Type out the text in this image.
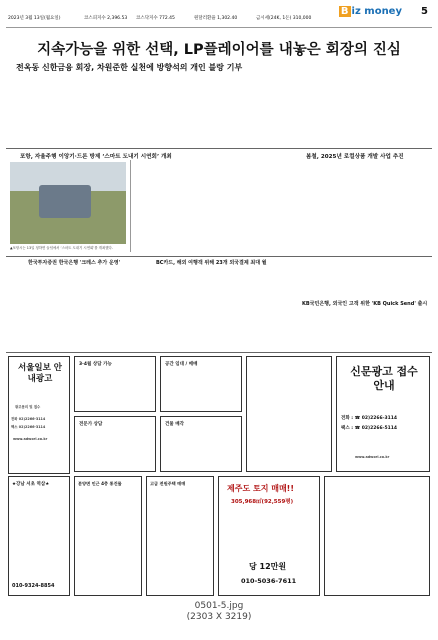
2023년 3월 13일(월요일)	코스피지수 2,396.53 코스닥지수 772.45	원달러환율 1,302.40	금시세(24K, 1돈) 310,000
B iz money 5
지속가능을 위한 선택, LP플레이어를 내놓은 회장의 진심
전옥동 신한금융 회장, 차원준한 실천에 방향석의 개인 블랑 기부
포항, 자율주행 이앙기·드론 방제 ‘스마트 도내기 시연회’ 개최
▲포항시는 13일 청하면 들녘에서 ‘스마트 도내기 시연회’를 개최했다.
봄철, 2025년 로컬상품 개발 사업 추진
한국투자증권 한국은행 '크레스 추가 운영'	BC카드, 해외 여행객 위해 23개 외국결제 최대 월
KB국민은행, 외국인 고객 위한 'KB Quick Send' 출시
서울일보 안내광고
광고문의 및 접수
전화 02)2266-3114
팩스 02)2266-3114
www.adworl.co.kr
3·4월 상담 가능	공간 임대 / 매매
전문가 상담	건물 매각
신문광고 접수안내
전화 : ☎ 02)2266-3114
팩스 : ☎ 02)2266-5114
www.adworl.co.kr
★강남 서초 역삼★
010-9324-8854
분양면 인근 4층 통건물	고급 전원주택 매매
제주도 토지 매매!!
305,968㎡(92,559평)
당 12만원
010-5036-7611
0501-5.jpg
(2303 X 3219)
